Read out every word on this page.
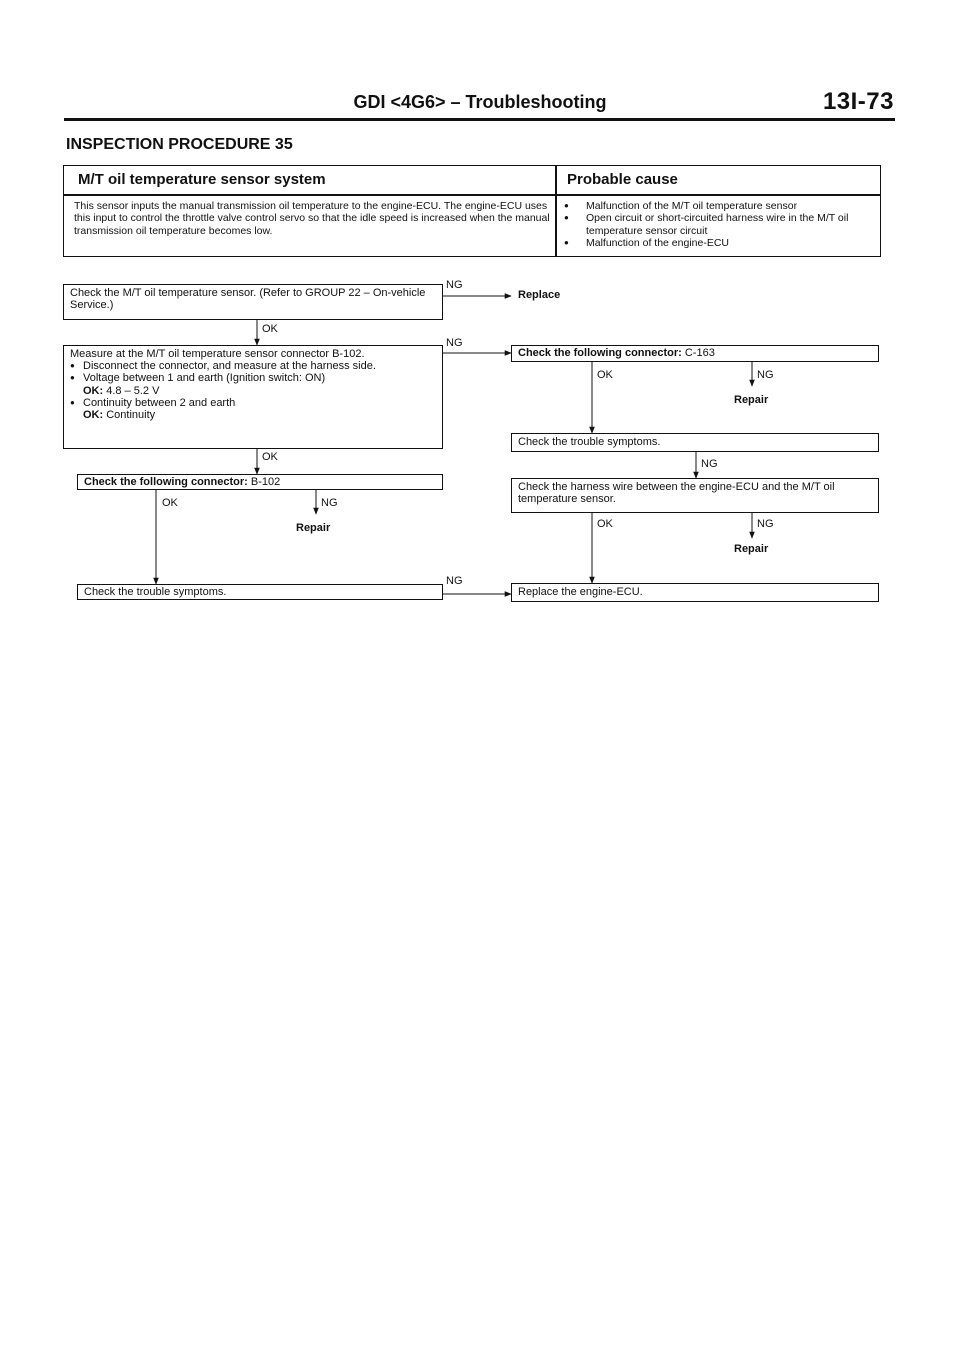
GDI <4G6> – Troubleshooting	13I-73
INSPECTION PROCEDURE 35
M/T oil temperature sensor system	Probable cause
This sensor inputs the manual transmission oil temperature to the engine-ECU. The engine-ECU uses this input to control the throttle valve control servo so that the idle speed is increased when the manual transmission oil temperature becomes low.
● Malfunction of the M/T oil temperature sensor
● Open circuit or short-circuited harness wire in the M/T oil temperature sensor circuit
● Malfunction of the engine-ECU
Check the M/T oil temperature sensor. (Refer to GROUP 22 – On-vehicle Service.)
Replace
NG
OK
Measure at the M/T oil temperature sensor connector B-102.
● Disconnect the connector, and measure at the harness side.
● Voltage between 1 and earth (Ignition switch: ON)
OK: 4.8 – 5.2 V
● Continuity between 2 and earth
OK: Continuity
NG
OK
Check the following connector: B-102
OK	NG
Repair
Check the trouble symptoms.
NG
Check the following connector: C-163
OK	NG
Repair
Check the trouble symptoms.
NG
Check the harness wire between the engine-ECU and the M/T oil temperature sensor.
OK	NG
Repair
Replace the engine-ECU.
